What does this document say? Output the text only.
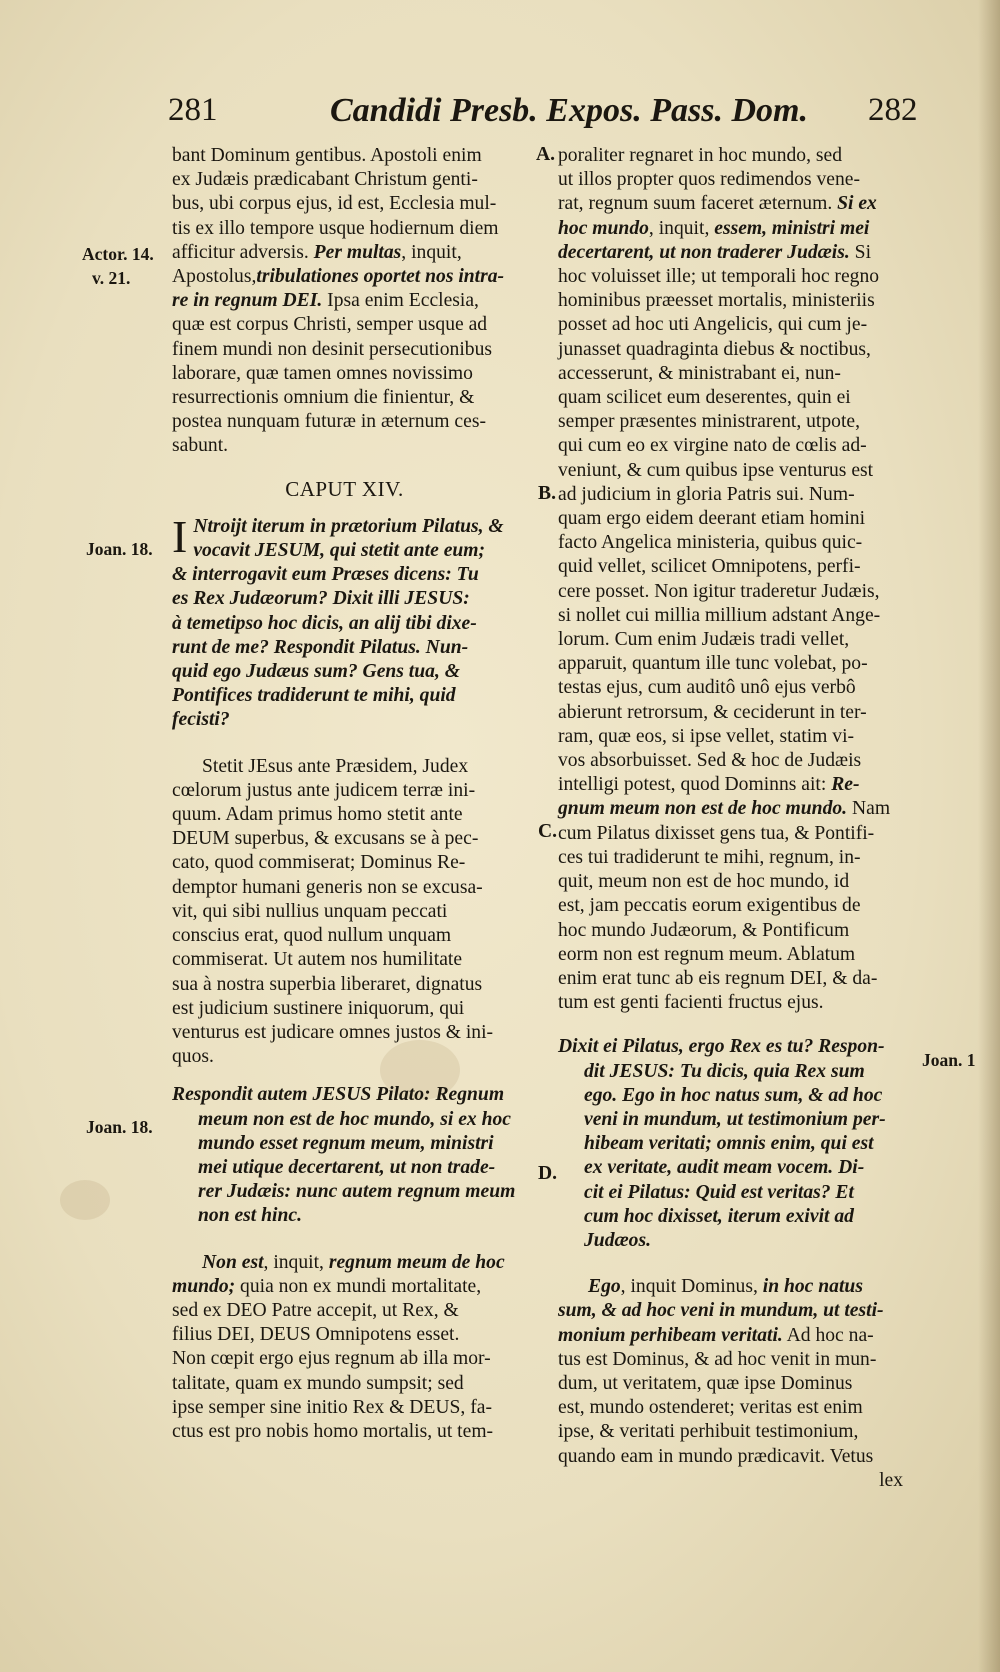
281	Candidi Presb. Expos. Pass. Dom. 282
Actor. 14.
v. 21.
Joan. 18.
Joan. 18.
Joan. 1
A.
B.
C.
D.

bant Dominum gentibus. Apostoli enim

ex Judæis prædicabant Christum genti-

bus, ubi corpus ejus, id est, Ecclesia mul-

tis ex illo tempore usque hodiernum diem

afficitur adversis. Per multas, inquit,

Apostolus,tribulationes oportet nos intra-

re in regnum DEI. Ipsa enim Ecclesia,

quæ est corpus Christi, semper usque ad

finem mundi non desinit persecutionibus

laborare, quæ tamen omnes novissimo

resurrectionis omnium die finientur, &

postea nunquam futuræ in æternum ces-

sabunt.

CAPUT XIV.

I Ntroijt iterum in prætorium Pilatus, &

vocavit JESUM, qui stetit ante eum;

& interrogavit eum Præses dicens: Tu

es Rex Judæorum? Dixit illi JESUS:

à temetipso hoc dicis, an alij tibi dixe-

runt de me? Respondit Pilatus. Nun-

quid ego Judæus sum? Gens tua, &

Pontifices tradiderunt te mihi, quid

fecisti?

Stetit JEsus ante Præsidem, Judex

cœlorum justus ante judicem terræ ini-

quum. Adam primus homo stetit ante

DEUM superbus, & excusans se à pec-

cato, quod commiserat; Dominus Re-

demptor humani generis non se excusa-

vit, qui sibi nullius unquam peccati

conscius erat, quod nullum unquam

commiserat. Ut autem nos humilitate

sua à nostra superbia liberaret, dignatus

est judicium sustinere iniquorum, qui

venturus est judicare omnes justos & ini-

quos.

Respondit autem JESUS Pilato: Regnum

meum non est de hoc mundo, si ex hoc

mundo esset regnum meum, ministri

mei utique decertarent, ut non trade-

rer Judæis: nunc autem regnum meum

non est hinc.

Non est, inquit, regnum meum de hoc

mundo; quia non ex mundi mortalitate,

sed ex DEO Patre accepit, ut Rex, &

filius DEI, DEUS Omnipotens esset.

Non cœpit ergo ejus regnum ab illa mor-

talitate, quam ex mundo sumpsit; sed

ipse semper sine initio Rex & DEUS, fa-

ctus est pro nobis homo mortalis, ut tem-

poraliter regnaret in hoc mundo, sed

ut illos propter quos redimendos vene-

rat, regnum suum faceret æternum. Si ex

hoc mundo, inquit, essem, ministri mei

decertarent, ut non traderer Judæis. Si

hoc voluisset ille; ut temporali hoc regno

hominibus præesset mortalis, ministeriis

posset ad hoc uti Angelicis, qui cum je-

junasset quadraginta diebus & noctibus,

accesserunt, & ministrabant ei, nun-

quam scilicet eum deserentes, quin ei

semper præsentes ministrarent, utpote,

qui cum eo ex virgine nato de cœlis ad-

veniunt, & cum quibus ipse venturus est

ad judicium in gloria Patris sui. Num-

quam ergo eidem deerant etiam homini

facto Angelica ministeria, quibus quic-

quid vellet, scilicet Omnipotens, perfi-

cere posset. Non igitur traderetur Judæis,

si nollet cui millia millium adstant Ange-

lorum. Cum enim Judæis tradi vellet,

apparuit, quantum ille tunc volebat, po-

testas ejus, cum auditô unô ejus verbô

abierunt retrorsum, & ceciderunt in ter-

ram, quæ eos, si ipse vellet, statim vi-

vos absorbuisset. Sed & hoc de Judæis

intelligi potest, quod Dominns ait: Re-

gnum meum non est de hoc mundo. Nam

cum Pilatus dixisset gens tua, & Pontifi-

ces tui tradiderunt te mihi, regnum, in-

quit, meum non est de hoc mundo, id

est, jam peccatis eorum exigentibus de

hoc mundo Judæorum, & Pontificum

eorm non est regnum meum. Ablatum

enim erat tunc ab eis regnum DEI, & da-

tum est genti facienti fructus ejus.

Dixit ei Pilatus, ergo Rex es tu? Respon-

dit JESUS: Tu dicis, quia Rex sum

ego. Ego in hoc natus sum, & ad hoc

veni in mundum, ut testimonium per-

hibeam veritati; omnis enim, qui est

ex veritate, audit meam vocem. Di-

cit ei Pilatus: Quid est veritas? Et

cum hoc dixisset, iterum exivit ad

Judæos.

Ego, inquit Dominus, in hoc natus

sum, & ad hoc veni in mundum, ut testi-

monium perhibeam veritati. Ad hoc na-

tus est Dominus, & ad hoc venit in mun-

dum, ut veritatem, quæ ipse Dominus

est, mundo ostenderet; veritas est enim

ipse, & veritati perhibuit testimonium,

quando eam in mundo prædicavit. Vetus

lex
